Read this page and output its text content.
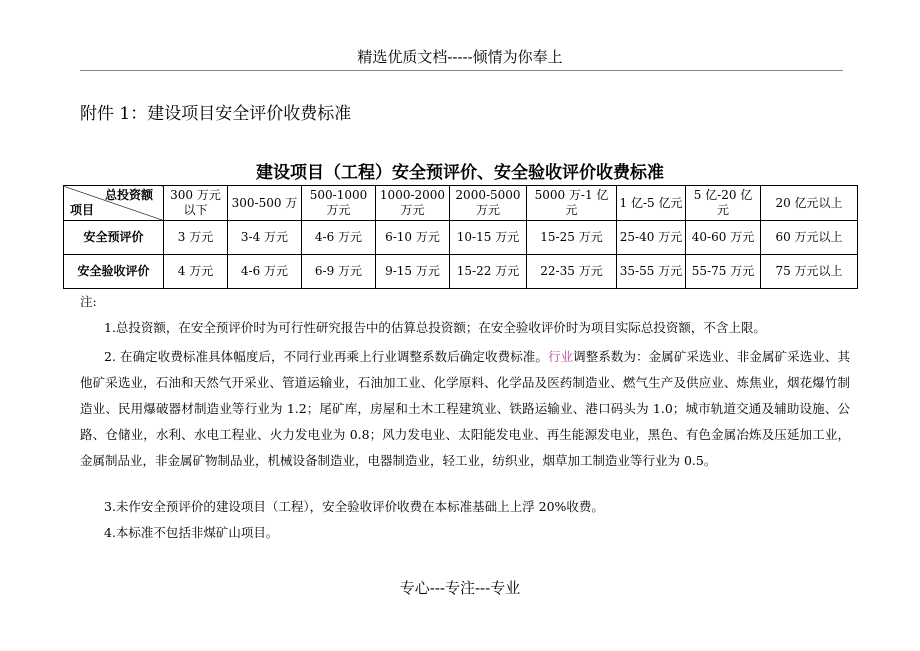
精选优质文档-----倾情为你奉上
附件 1：建设项目安全评价收费标准
建设项目（工程）安全预评价、安全验收评价收费标准
总投资额
项目	300 万元以下	300-500 万	500-1000 万元	1000-2000 万元	2000-5000 万元	5000 万-1 亿元	1 亿-5 亿元	5 亿-20 亿元	20 亿元以上
安全预评价	3 万元	3-4 万元	4-6 万元	6-10 万元	10-15 万元	15-25 万元	25-40 万元	40-60 万元	60 万元以上
安全验收评价	4 万元	4-6 万元	6-9 万元	9-15 万元	15-22 万元	22-35 万元	35-55 万元	55-75 万元	75 万元以上
注:
1.总投资额，在安全预评价时为可行性研究报告中的估算总投资额；在安全验收评价时为项目实际总投资额，不含上限。

2. 在确定收费标准具体幅度后，不同行业再乘上行业调整系数后确定收费标准。行业调整系数为：金属矿采选业、非金属矿采选业、其他矿采选业，石油和天然气开采业、管道运输业，石油加工业、化学原料、化学品及医药制造业、燃气生产及供应业、炼焦业，烟花爆竹制造业、民用爆破器材制造业等行业为 1.2；尾矿库，房屋和土木工程建筑业、铁路运输业、港口码头为 1.0；城市轨道交通及辅助设施、公路、仓储业，水利、水电工程业、火力发电业为 0.8；风力发电业、太阳能发电业、再生能源发电业，黑色、有色金属冶炼及压延加工业，金属制品业，非金属矿物制品业，机械设备制造业，电器制造业，轻工业，纺织业，烟草加工制造业等行业为 0.5。

3.未作安全预评价的建设项目（工程），安全验收评价收费在本标准基础上上浮 20%收费。
4.本标准不包括非煤矿山项目。
专心---专注---专业
